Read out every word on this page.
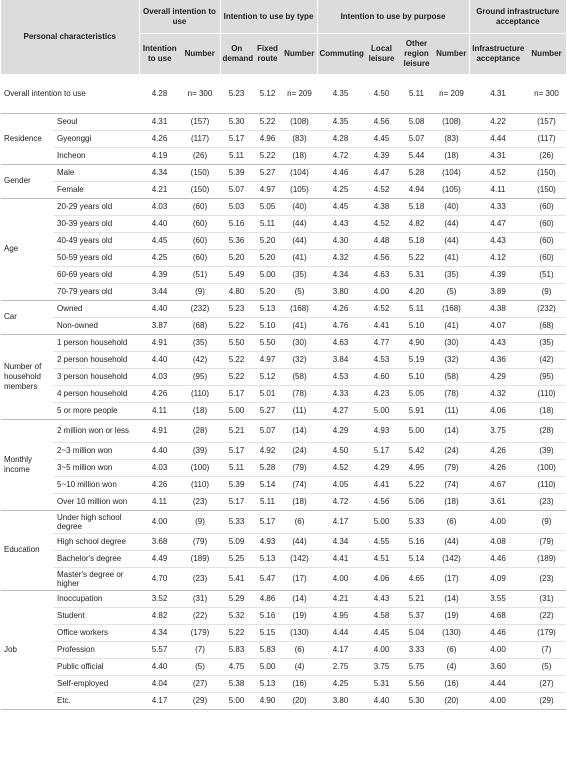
Personal characteristics		Overall intention to use		Intention to use by type			Intention to use by purpose				Ground infrastructure acceptance	
		Intention to use	Number	On demand	Fixed route	Number	Commuting	Local leisure	Other region leisure	Number	Infrastructure acceptance	Number
Overall intention to use		4.28	n= 300	5.23	5.12	n= 209	4.35	4.50	5.11	n= 209	4.31	n= 300
Residence	Seoul	4.31	(157)	5.30	5.22	(108)	4.35	4.56	5.08	(108)	4.22	(157)
	Gyeonggi	4.26	(117)	5.17	4.96	(83)	4.28	4.45	5.07	(83)	4.44	(117)
	Incheon	4.19	(26)	5.11	5.22	(18)	4.72	4.39	5.44	(18)	4.31	(26)
Gender	Male	4.34	(150)	5.39	5.27	(104)	4.46	4.47	5.28	(104)	4.52	(150)
	Female	4.21	(150)	5.07	4.97	(105)	4.25	4.52	4.94	(105)	4.11	(150)
Age	20-29 years old	4.03	(60)	5.03	5.05	(40)	4.45	4.38	5.18	(40)	4.33	(60)
	30-39 years old	4.40	(60)	5.16	5.11	(44)	4.43	4.52	4.82	(44)	4.47	(60)
	40-49 years old	4.45	(60)	5.36	5.20	(44)	4.30	4.48	5.18	(44)	4.43	(60)
	50-59 years old	4.25	(60)	5.20	5.20	(41)	4.32	4.56	5.22	(41)	4.12	(60)
	60-69 years old	4.39	(51)	5.49	5.00	(35)	4.34	4.63	5.31	(35)	4.39	(51)
	70-79 years old	3.44	(9)	4.80	5.20	(5)	3.80	4.00	4.20	(5)	3.89	(9)
Car	Owned	4.40	(232)	5.23	5.13	(168)	4.26	4.52	5.11	(168)	4.38	(232)
	Non-owned	3.87	(68)	5.22	5.10	(41)	4.76	4.41	5.10	(41)	4.07	(68)
Number of household members	1 person household	4.91	(35)	5.50	5.50	(30)	4.63	4.77	4.90	(30)	4.43	(35)
	2 person household	4.40	(42)	5.22	4.97	(32)	3.84	4.53	5.19	(32)	4.36	(42)
	3 person household	4.03	(95)	5.22	5.12	(58)	4.53	4.60	5.10	(58)	4.29	(95)
	4 person household	4.26	(110)	5.17	5.01	(78)	4.33	4.23	5.05	(78)	4.32	(110)
	5 or more people	4.11	(18)	5.00	5.27	(11)	4.27	5.00	5.91	(11)	4.06	(18)
Monthly income	2 million won or less	4.91	(28)	5.21	5.07	(14)	4.29	4.93	5.00	(14)	3.75	(28)
	2~3 million won	4.40	(39)	5.17	4.92	(24)	4.50	5.17	5.42	(24)	4.26	(39)
	3~5 million won	4.03	(100)	5.11	5.28	(79)	4.52	4.29	4.95	(79)	4.26	(100)
	5~10 million won	4.26	(110)	5.39	5.14	(74)	4.05	4.41	5.22	(74)	4.67	(110)
	Over 10 million won	4.11	(23)	5.17	5.11	(18)	4.72	4.56	5.06	(18)	3.61	(23)
Education	Under high school degree	4.00	(9)	5.33	5.17	(6)	4.17	5.00	5.33	(6)	4.00	(9)
	High school degree	3.68	(79)	5.09	4.93	(44)	4.34	4.55	5.16	(44)	4.08	(79)
	Bachelor's degree	4.49	(189)	5.25	5.13	(142)	4.41	4.51	5.14	(142)	4.46	(189)
	Master's degree or higher	4.70	(23)	5.41	5.47	(17)	4.00	4.06	4.65	(17)	4.09	(23)
Job	Inoccupation	3.52	(31)	5.29	4.86	(14)	4.21	4.43	5.21	(14)	3.55	(31)
	Student	4.82	(22)	5.32	5.16	(19)	4.95	4.58	5.37	(19)	4.68	(22)
	Office workers	4.34	(179)	5.22	5.15	(130)	4.44	4.45	5.04	(130)	4.46	(179)
	Profession	5.57	(7)	5.83	5.83	(6)	4.17	4.00	3.33	(6)	4.00	(7)
	Public official	4.40	(5)	4.75	5.00	(4)	2.75	3.75	5.75	(4)	3.60	(5)
	Self-employed	4.04	(27)	5.38	5.13	(16)	4.25	5.31	5.56	(16)	4.44	(27)
	Etc.	4.17	(29)	5.00	4.90	(20)	3.80	4.40	5.30	(20)	4.00	(29)
